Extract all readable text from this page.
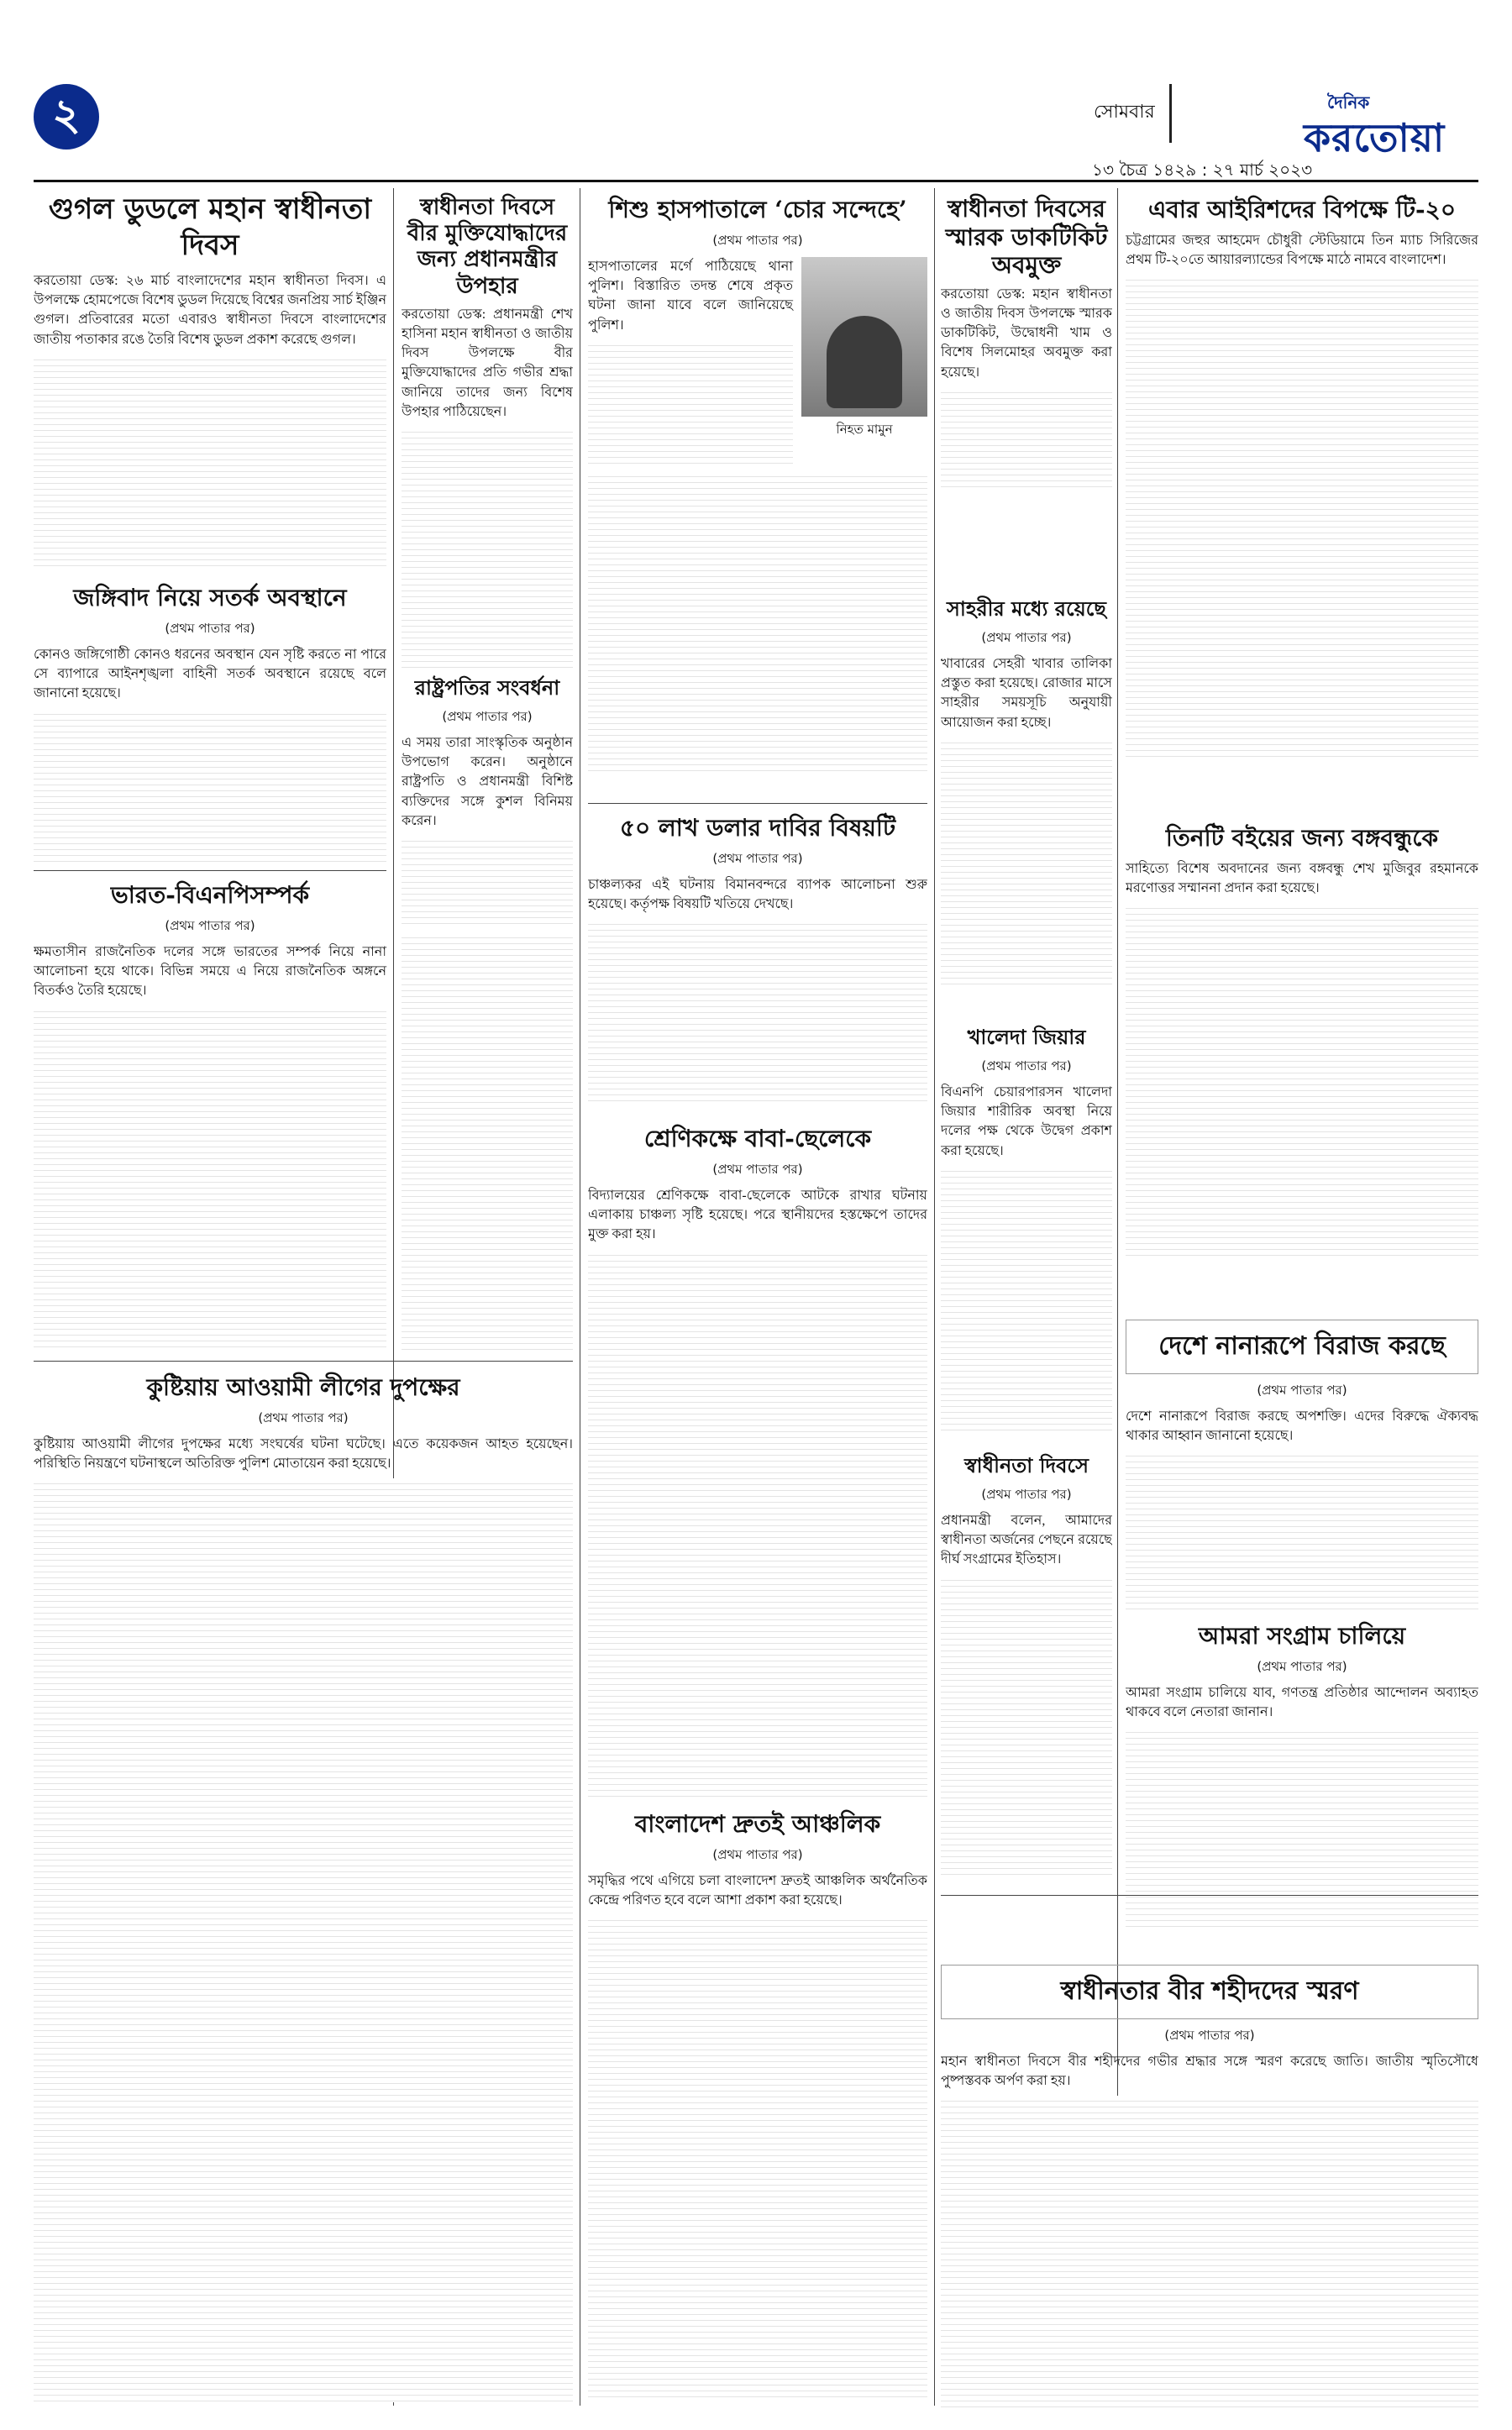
২	সোমবার	দৈনিক
করতোয়া
১৩ চৈত্র ১৪২৯ : ২৭ মার্চ ২০২৩
গুগল ডুডলে মহান স্বাধীনতা দিবস

করতোয়া ডেস্ক: ২৬ মার্চ বাংলাদেশের মহান স্বাধীনতা দিবস। এ উপলক্ষে হোমপেজে বিশেষ ডুডল দিয়েছে বিশ্বের জনপ্রিয় সার্চ ইঞ্জিন গুগল। প্রতিবারের মতো এবারও স্বাধীনতা দিবসে বাংলাদেশের জাতীয় পতাকার রঙে তৈরি বিশেষ ডুডল প্রকাশ করেছে গুগল।

জঙ্গিবাদ নিয়ে সতর্ক অবস্থানে
(প্রথম পাতার পর)

কোনও জঙ্গিগোষ্ঠী কোনও ধরনের অবস্থান যেন সৃষ্টি করতে না পারে সে ব্যাপারে আইনশৃঙ্খলা বাহিনী সতর্ক অবস্থানে রয়েছে বলে জানানো হয়েছে।

ভারত-বিএনপিসম্পর্ক
(প্রথম পাতার পর)

ক্ষমতাসীন রাজনৈতিক দলের সঙ্গে ভারতের সম্পর্ক নিয়ে নানা আলোচনা হয়ে থাকে। বিভিন্ন সময়ে এ নিয়ে রাজনৈতিক অঙ্গনে বিতর্কও তৈরি হয়েছে।

কুষ্টিয়ায় আওয়ামী লীগের দুপক্ষের
(প্রথম পাতার পর)

কুষ্টিয়ায় আওয়ামী লীগের দুপক্ষের মধ্যে সংঘর্ষের ঘটনা ঘটেছে। এতে কয়েকজন আহত হয়েছেন। পরিস্থিতি নিয়ন্ত্রণে ঘটনাস্থলে অতিরিক্ত পুলিশ মোতায়েন করা হয়েছে।

স্বাধীনতা দিবসে বীর মুক্তিযোদ্ধাদের জন্য প্রধানমন্ত্রীর উপহার

করতোয়া ডেস্ক: প্রধানমন্ত্রী শেখ হাসিনা মহান স্বাধীনতা ও জাতীয় দিবস উপলক্ষে বীর মুক্তিযোদ্ধাদের প্রতি গভীর শ্রদ্ধা জানিয়ে তাদের জন্য বিশেষ উপহার পাঠিয়েছেন।

রাষ্ট্রপতির সংবর্ধনা
(প্রথম পাতার পর)

এ সময় তারা সাংস্কৃতিক অনুষ্ঠান উপভোগ করেন। অনুষ্ঠানে রাষ্ট্রপতি ও প্রধানমন্ত্রী বিশিষ্ট ব্যক্তিদের সঙ্গে কুশল বিনিময় করেন।

শিশু হাসপাতালে ‘চোর সন্দেহে’
(প্রথম পাতার পর)

হাসপাতালের মর্গে পাঠিয়েছে থানা পুলিশ। বিস্তারিত তদন্ত শেষে প্রকৃত ঘটনা জানা যাবে বলে জানিয়েছে পুলিশ।

নিহত মামুন
৫০ লাখ ডলার দাবির বিষয়টি
(প্রথম পাতার পর)

চাঞ্চল্যকর এই ঘটনায় বিমানবন্দরে ব্যাপক আলোচনা শুরু হয়েছে। কর্তৃপক্ষ বিষয়টি খতিয়ে দেখছে।

শ্রেণিকক্ষে বাবা-ছেলেকে
(প্রথম পাতার পর)

বিদ্যালয়ের শ্রেণিকক্ষে বাবা-ছেলেকে আটকে রাখার ঘটনায় এলাকায় চাঞ্চল্য সৃষ্টি হয়েছে। পরে স্থানীয়দের হস্তক্ষেপে তাদের মুক্ত করা হয়।

বাংলাদেশ দ্রুতই আঞ্চলিক
(প্রথম পাতার পর)

সমৃদ্ধির পথে এগিয়ে চলা বাংলাদেশ দ্রুতই আঞ্চলিক অর্থনৈতিক কেন্দ্রে পরিণত হবে বলে আশা প্রকাশ করা হয়েছে।

স্বাধীনতা দিবসের স্মারক ডাকটিকিট অবমুক্ত

করতোয়া ডেস্ক: মহান স্বাধীনতা ও জাতীয় দিবস উপলক্ষে স্মারক ডাকটিকিট, উদ্বোধনী খাম ও বিশেষ সিলমোহর অবমুক্ত করা হয়েছে।

সাহরীর মধ্যে রয়েছে
(প্রথম পাতার পর)

খাবারের সেহরী খাবার তালিকা প্রস্তুত করা হয়েছে। রোজার মাসে সাহরীর সময়সূচি অনুযায়ী আয়োজন করা হচ্ছে।

খালেদা জিয়ার
(প্রথম পাতার পর)

বিএনপি চেয়ারপারসন খালেদা জিয়ার শারীরিক অবস্থা নিয়ে দলের পক্ষ থেকে উদ্বেগ প্রকাশ করা হয়েছে।

স্বাধীনতা দিবসে
(প্রথম পাতার পর)

প্রধানমন্ত্রী বলেন, আমাদের স্বাধীনতা অর্জনের পেছনে রয়েছে দীর্ঘ সংগ্রামের ইতিহাস।

এবার আইরিশদের বিপক্ষে টি-২০

চট্টগ্রামের জহুর আহমেদ চৌধুরী স্টেডিয়ামে তিন ম্যাচ সিরিজের প্রথম টি-২০তে আয়ারল্যান্ডের বিপক্ষে মাঠে নামবে বাংলাদেশ।

তিনটি বইয়ের জন্য বঙ্গবন্ধুকে

সাহিত্যে বিশেষ অবদানের জন্য বঙ্গবন্ধু শেখ মুজিবুর রহমানকে মরণোত্তর সম্মাননা প্রদান করা হয়েছে।

দেশে নানারূপে বিরাজ করছে
(প্রথম পাতার পর)

দেশে নানারূপে বিরাজ করছে অপশক্তি। এদের বিরুদ্ধে ঐক্যবদ্ধ থাকার আহ্বান জানানো হয়েছে।

আমরা সংগ্রাম চালিয়ে
(প্রথম পাতার পর)

আমরা সংগ্রাম চালিয়ে যাব, গণতন্ত্র প্রতিষ্ঠার আন্দোলন অব্যাহত থাকবে বলে নেতারা জানান।

স্বাধীনতার বীর শহীদদের স্মরণ
(প্রথম পাতার পর)

মহান স্বাধীনতা দিবসে বীর শহীদদের গভীর শ্রদ্ধার সঙ্গে স্মরণ করেছে জাতি। জাতীয় স্মৃতিসৌধে পুষ্পস্তবক অর্পণ করা হয়।
